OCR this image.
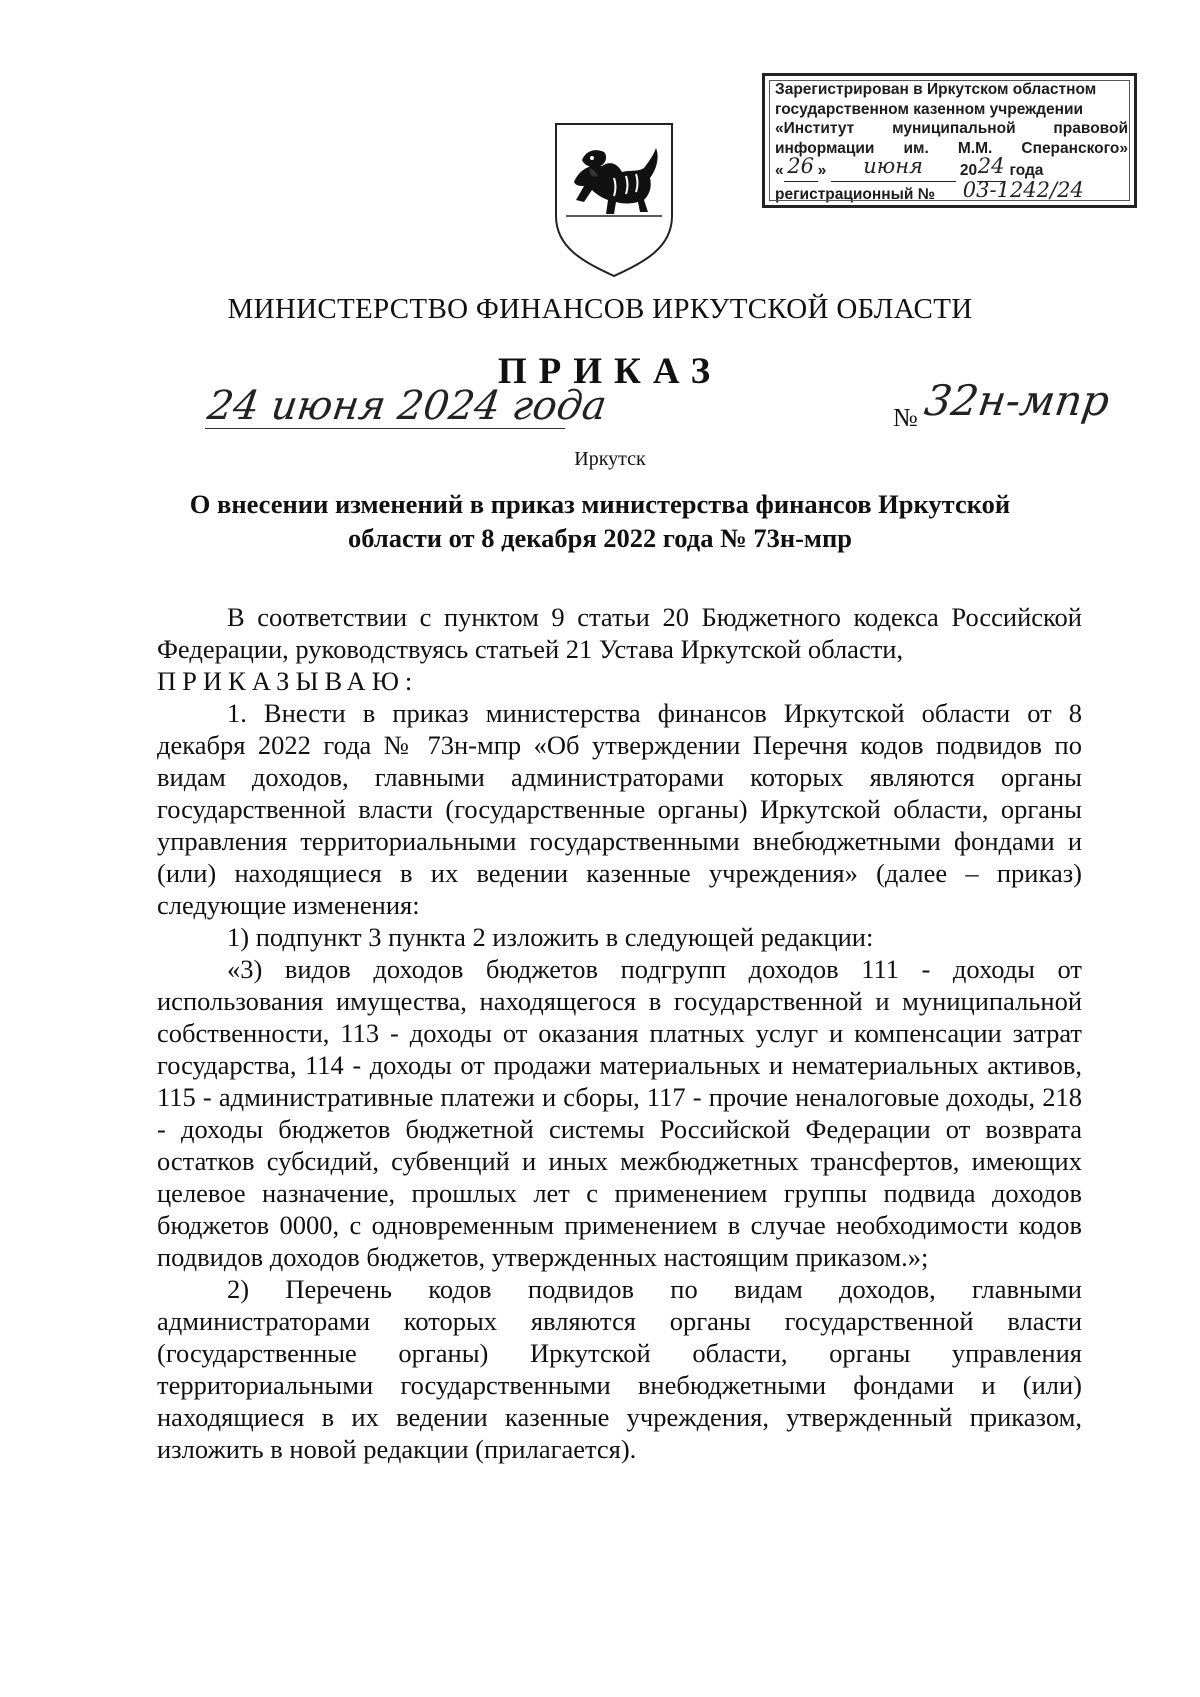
Зарегистрирован в Иркутском областном
государственном казенном учреждении
«Институт муниципальной правовой
информации им. М.М. Сперанского»
« 26 » июня 2024 года
регистрационный № 03-1242/24
МИНИСТЕРСТВО ФИНАНСОВ ИРКУТСКОЙ ОБЛАСТИ
ПРИКАЗ
24 июня 2024 года	№ 32н-мпр
Иркутск
О внесении изменений в приказ министерства финансов Иркутской
области от 8 декабря 2022 года № 73н-мпр

В соответствии с пунктом 9 статьи 20 Бюджетного кодекса Российской Федерации, руководствуясь статьей 21 Устава Иркутской области,

ПРИКАЗЫВАЮ:

1. Внести в приказ министерства финансов Иркутской области от 8 декабря 2022 года № 73н-мпр «Об утверждении Перечня кодов подвидов по видам доходов, главными администраторами которых являются органы государственной власти (государственные органы) Иркутской области, органы управления территориальными государственными внебюджетными фондами и (или) находящиеся в их ведении казенные учреждения» (далее – приказ) следующие изменения:

1) подпункт 3 пункта 2 изложить в следующей редакции:

«3) видов доходов бюджетов подгрупп доходов 111 - доходы от использования имущества, находящегося в государственной и муниципальной собственности, 113 - доходы от оказания платных услуг и компенсации затрат государства, 114 - доходы от продажи материальных и нематериальных активов, 115 - административные платежи и сборы, 117 - прочие неналоговые доходы, 218 - доходы бюджетов бюджетной системы Российской Федерации от возврата остатков субсидий, субвенций и иных межбюджетных трансфертов, имеющих целевое назначение, прошлых лет с применением группы подвида доходов бюджетов 0000, с одновременным применением в случае необходимости кодов подвидов доходов бюджетов, утвержденных настоящим приказом.»;

2) Перечень кодов подвидов по видам доходов, главными администраторами которых являются органы государственной власти (государственные органы) Иркутской области, органы управления территориальными государственными внебюджетными фондами и (или) находящиеся в их ведении казенные учреждения, утвержденный приказом, изложить в новой редакции (прилагается).
